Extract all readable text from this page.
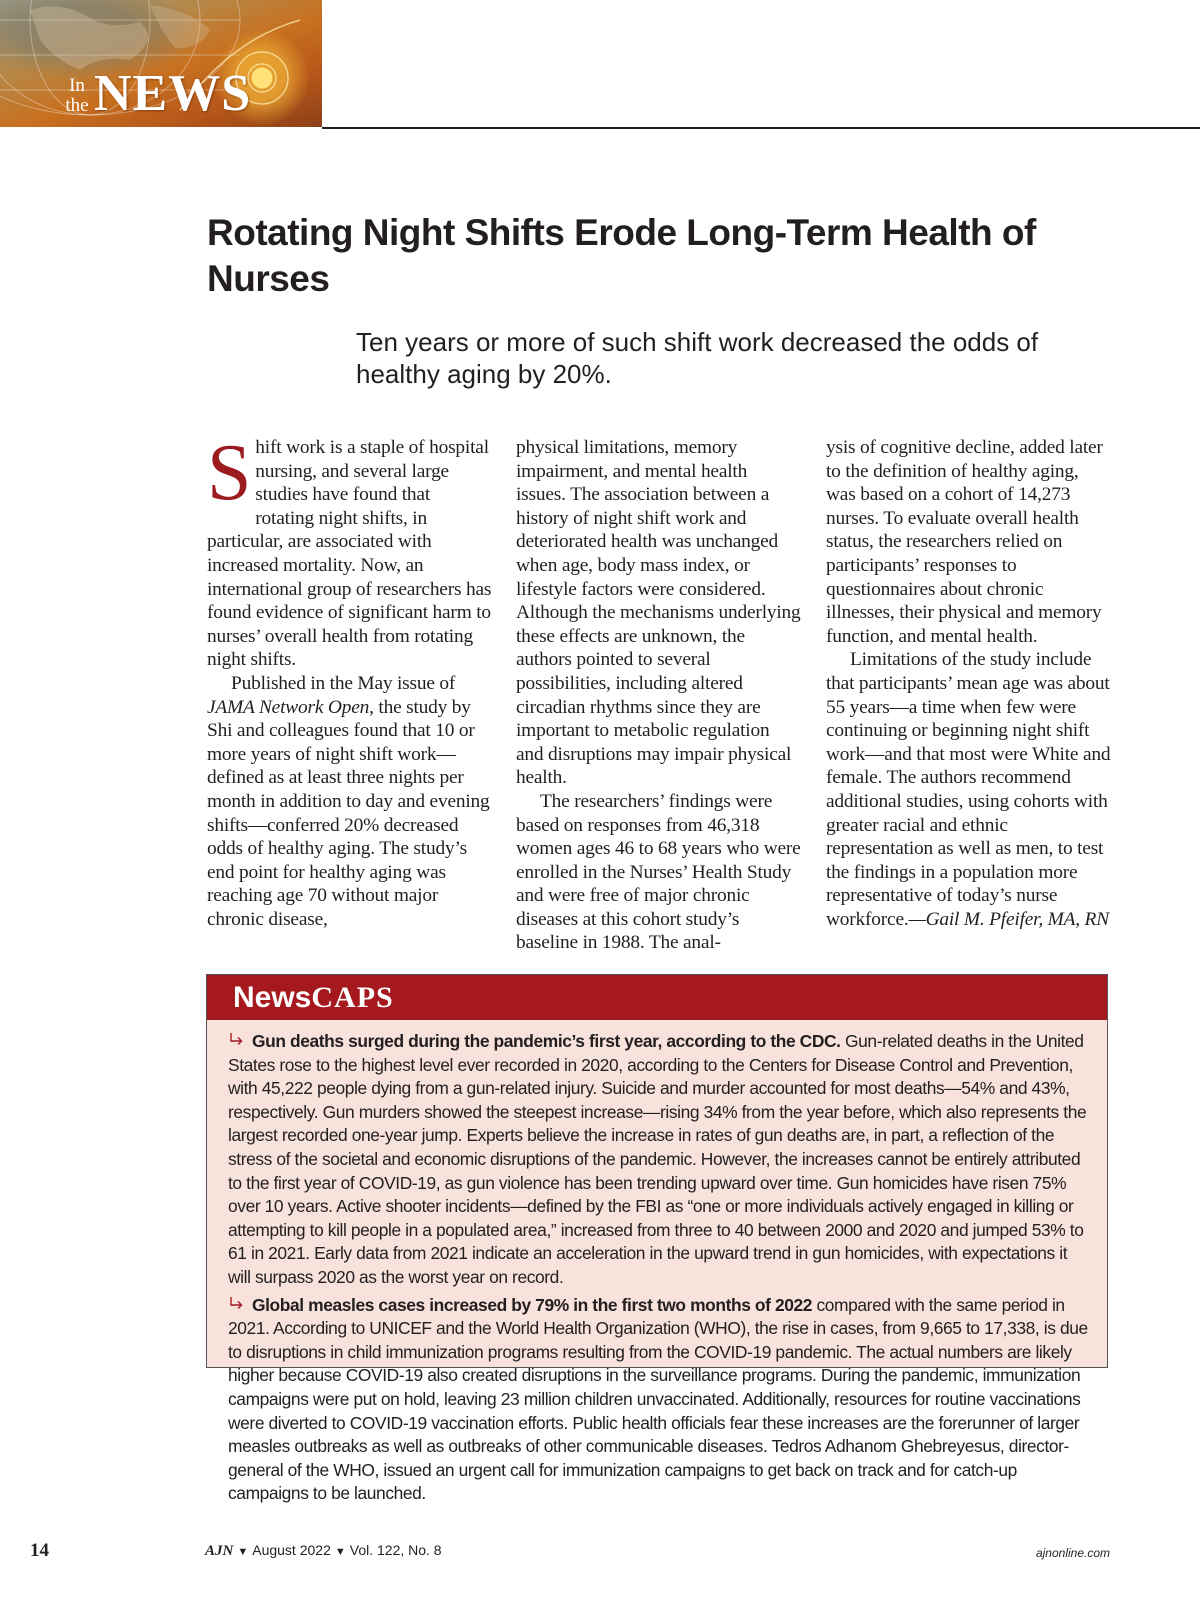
In
the NEWS
Rotating Night Shifts Erode Long-Term Health of Nurses

Ten years or more of such shift work decreased the odds of healthy aging by 20%.

Shift work is a staple of hospital nursing, and several large studies have found that rotating night shifts, in particular, are associated with increased mortality. Now, an international group of researchers has found evidence of significant harm to nurses’ overall health from rotating night shifts.

Published in the May issue of JAMA Network Open, the study by Shi and colleagues found that 10 or more years of night shift work—defined as at least three nights per month in addition to day and evening shifts—conferred 20% decreased odds of healthy aging. The study’s end point for healthy aging was reaching age 70 without major chronic disease,

physical limitations, memory impairment, and mental health issues. The association between a history of night shift work and deteriorated health was unchanged when age, body mass index, or lifestyle factors were considered. Although the mechanisms underlying these effects are unknown, the authors pointed to several possibilities, including altered circadian rhythms since they are important to metabolic regulation and disruptions may impair physical health.

The researchers’ findings were based on responses from 46,318 women ages 46 to 68 years who were enrolled in the Nurses’ Health Study and were free of major chronic diseases at this cohort study’s baseline in 1988. The anal-

ysis of cognitive decline, added later to the definition of healthy aging, was based on a cohort of 14,273 nurses. To evaluate overall health status, the researchers relied on participants’ responses to questionnaires about chronic illnesses, their physical and memory function, and mental health.

Limitations of the study include that participants’ mean age was about 55 years—a time when few were continuing or beginning night shift work—and that most were White and female. The authors recommend additional studies, using cohorts with greater racial and ethnic representation as well as men, to test the findings in a population more representative of today’s nurse workforce.—Gail M. Pfeifer, MA, RN

NewsCAPS

Gun deaths surged during the pandemic’s first year, according to the CDC. Gun-related deaths in the United States rose to the highest level ever recorded in 2020, according to the Centers for Disease Control and Prevention, with 45,222 people dying from a gun-related injury. Suicide and murder accounted for most deaths—54% and 43%, respectively. Gun murders showed the steepest increase—rising 34% from the year before, which also represents the largest recorded one-year jump. Experts believe the increase in rates of gun deaths are, in part, a reflection of the stress of the societal and economic disruptions of the pandemic. However, the increases cannot be entirely attributed to the first year of COVID-19, as gun violence has been trending upward over time. Gun homicides have risen 75% over 10 years. Active shooter incidents—defined by the FBI as “one or more individuals actively engaged in killing or attempting to kill people in a populated area,” increased from three to 40 between 2000 and 2020 and jumped 53% to 61 in 2021. Early data from 2021 indicate an acceleration in the upward trend in gun homicides, with expectations it will surpass 2020 as the worst year on record.

Global measles cases increased by 79% in the first two months of 2022 compared with the same period in 2021. According to UNICEF and the World Health Organization (WHO), the rise in cases, from 9,665 to 17,338, is due to disruptions in child immunization programs resulting from the COVID-19 pandemic. The actual numbers are likely higher because COVID-19 also created disruptions in the surveillance programs. During the pandemic, immunization campaigns were put on hold, leaving 23 million children unvaccinated. Additionally, resources for routine vaccinations were diverted to COVID-19 vaccination efforts. Public health officials fear these increases are the forerunner of larger measles outbreaks as well as outbreaks of other communicable diseases. Tedros Adhanom Ghebreyesus, director-general of the WHO, issued an urgent call for immunization campaigns to get back on track and for catch-up campaigns to be launched.

14	AJN ▼ August 2022 ▼ Vol. 122, No. 8	ajnonline.com
